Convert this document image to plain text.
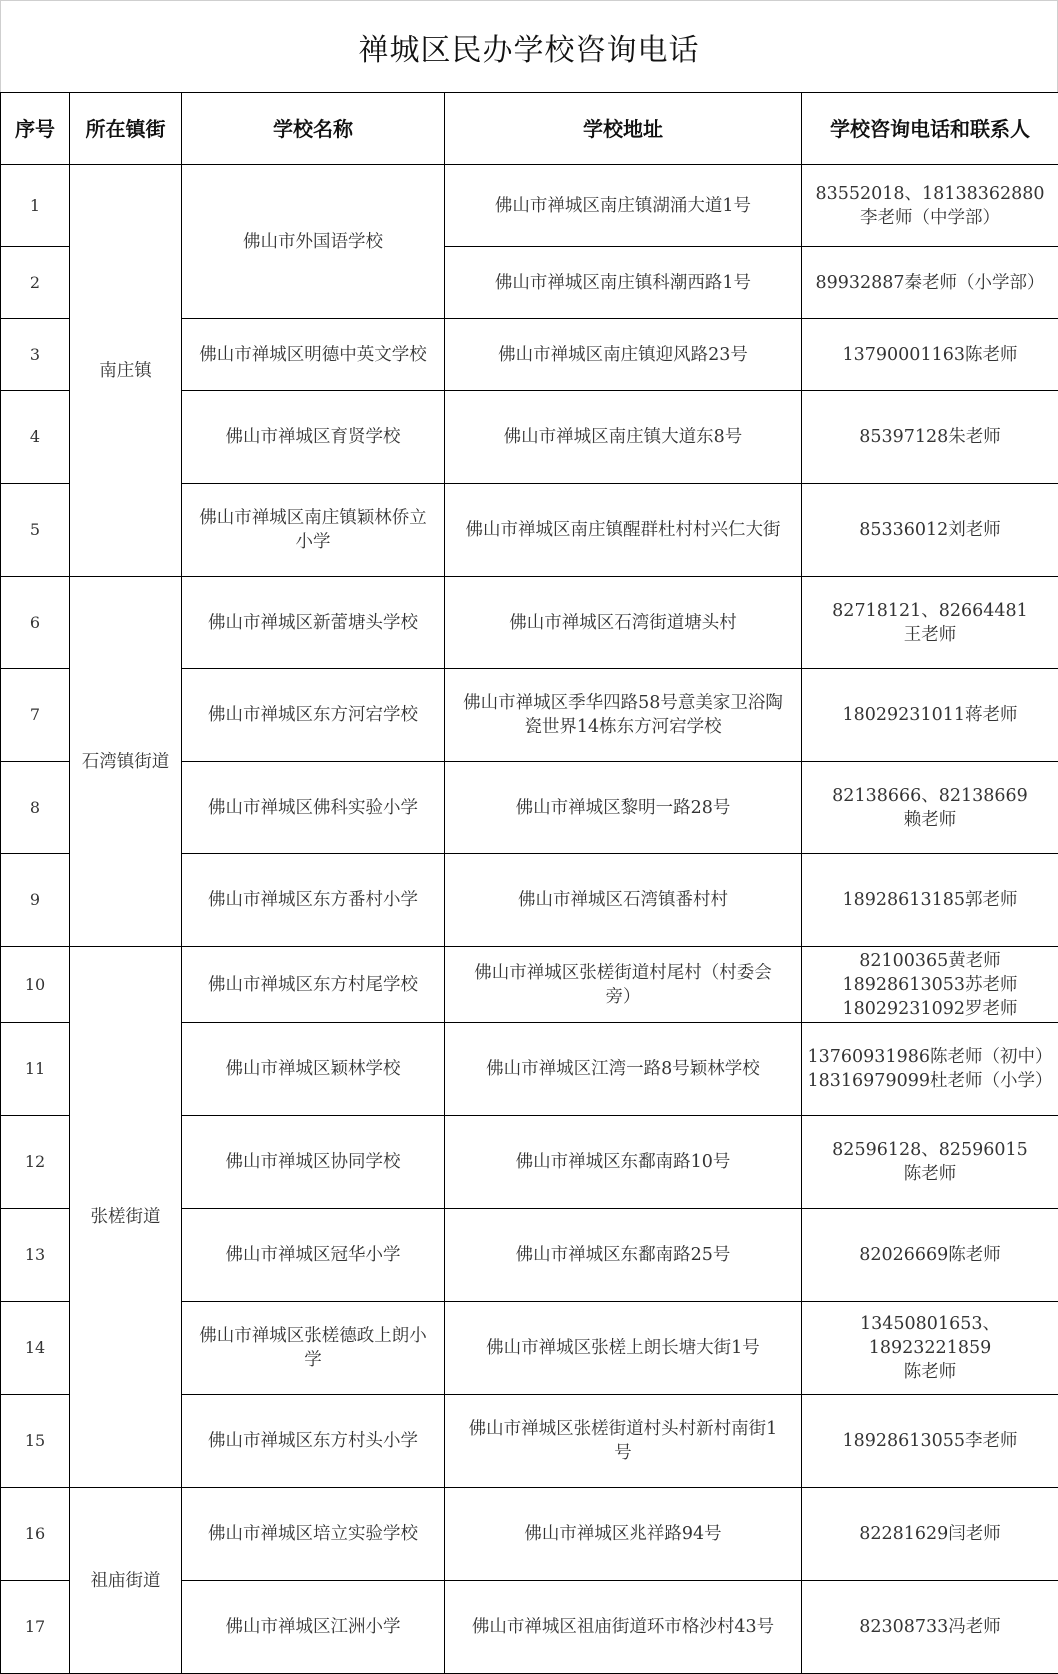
禅城区民办学校咨询电话
序号	所在镇街	学校名称	学校地址	学校咨询电话和联系人
1	南庄镇	佛山市外国语学校	佛山市禅城区南庄镇湖涌大道1号	83552018、18138362880
李老师（中学部）
2			佛山市禅城区南庄镇科潮西路1号	89932887秦老师（小学部）
3		佛山市禅城区明德中英文学校	佛山市禅城区南庄镇迎风路23号	13790001163陈老师
4		佛山市禅城区育贤学校	佛山市禅城区南庄镇大道东8号	85397128朱老师
5		佛山市禅城区南庄镇颖林侨立
小学	佛山市禅城区南庄镇醒群杜村村兴仁大街	85336012刘老师
6	石湾镇街道	佛山市禅城区新蕾塘头学校	佛山市禅城区石湾街道塘头村	82718121、82664481
王老师
7		佛山市禅城区东方河宕学校	佛山市禅城区季华四路58号意美家卫浴陶
瓷世界14栋东方河宕学校	18029231011蒋老师
8		佛山市禅城区佛科实验小学	佛山市禅城区黎明一路28号	82138666、82138669
赖老师
9		佛山市禅城区东方番村小学	佛山市禅城区石湾镇番村村	18928613185郭老师
10	张槎街道	佛山市禅城区东方村尾学校	佛山市禅城区张槎街道村尾村（村委会
旁）	82100365黄老师
18928613053苏老师
18029231092罗老师
11		佛山市禅城区颖林学校	佛山市禅城区江湾一路8号颖林学校	13760931986陈老师（初中）
18316979099杜老师（小学）
12		佛山市禅城区协同学校	佛山市禅城区东鄱南路10号	82596128、82596015
陈老师
13		佛山市禅城区冠华小学	佛山市禅城区东鄱南路25号	82026669陈老师
14		佛山市禅城区张槎德政上朗小
学	佛山市禅城区张槎上朗长塘大街1号	13450801653、18923221859
陈老师
15		佛山市禅城区东方村头小学	佛山市禅城区张槎街道村头村新村南街1
号	18928613055李老师
16	祖庙街道	佛山市禅城区培立实验学校	佛山市禅城区兆祥路94号	82281629闫老师
17		佛山市禅城区江洲小学	佛山市禅城区祖庙街道环市格沙村43号	82308733冯老师
